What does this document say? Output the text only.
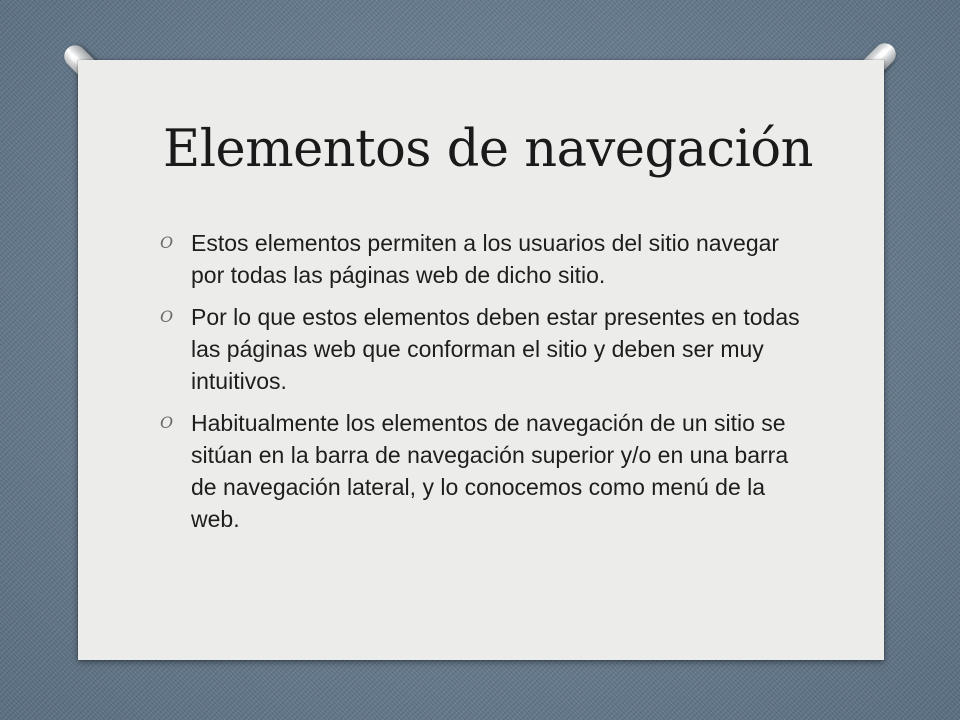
Elementos de navegación
O Estos elementos permiten a los usuarios del sitio navegar por todas las páginas web de dicho sitio.
O Por lo que estos elementos deben estar presentes en todas las páginas web que conforman el sitio y deben ser muy intuitivos.
O Habitualmente los elementos de navegación de un sitio se sitúan en la barra de navegación superior y/o en una barra de navegación lateral, y lo conocemos como menú de la web.
